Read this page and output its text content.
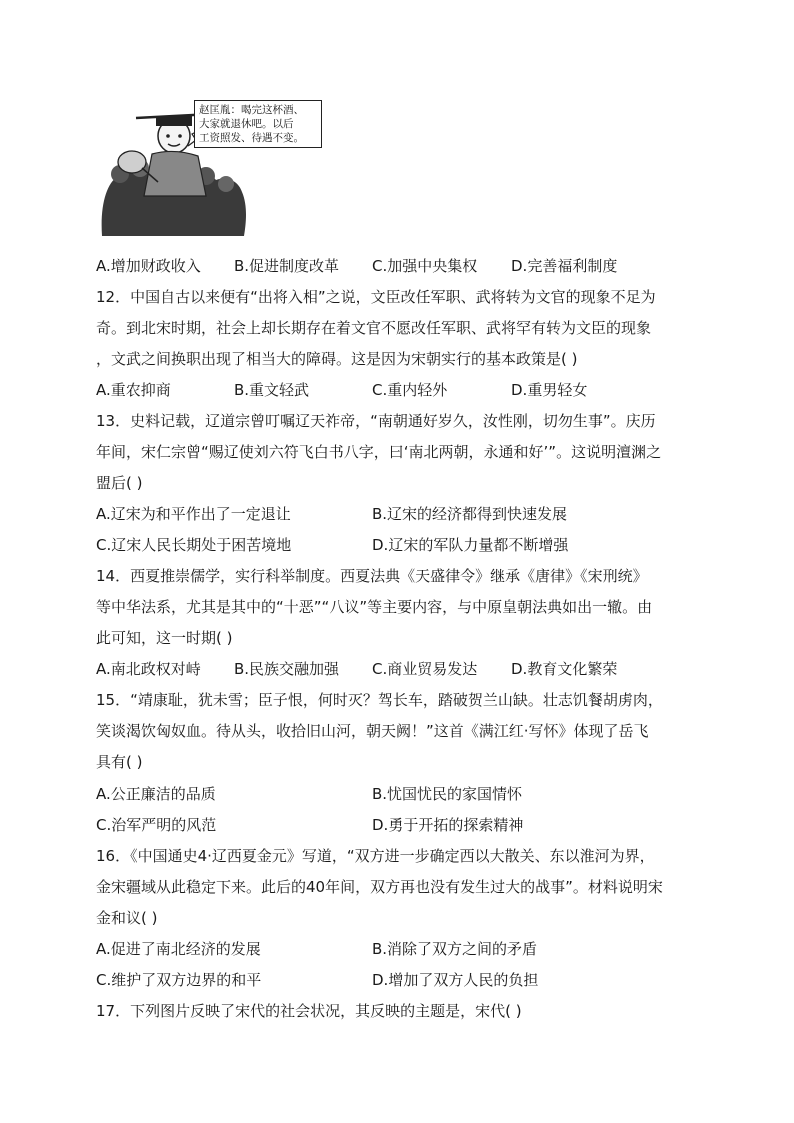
赵匡胤：喝完这杯酒、
大家就退休吧。以后
工资照发、待遇不变。
A.增加财政收入 B.促进制度改革 C.加强中央集权 D.完善福利制度
12．中国自古以来便有“出将入相”之说，文臣改任军职、武将转为文官的现象不足为
奇。到北宋时期，社会上却长期存在着文官不愿改任军职、武将罕有转为文臣的现象
，文武之间换职出现了相当大的障碍。这是因为宋朝实行的基本政策是( )
A.重农抑商	B.重文轻武	C.重内轻外	D.重男轻女
13．史料记载，辽道宗曾叮嘱辽天祚帝，“南朝通好岁久，汝性刚，切勿生事”。庆历
年间，宋仁宗曾“赐辽使刘六符飞白书八字，曰‘南北两朝，永通和好’”。这说明澶渊之
盟后( )
A.辽宋为和平作出了一定退让	B.辽宋的经济都得到快速发展
C.辽宋人民长期处于困苦境地	D.辽宋的军队力量都不断增强
14．西夏推崇儒学，实行科举制度。西夏法典《天盛律令》继承《唐律》《宋刑统》
等中华法系，尤其是其中的“十恶”“八议”等主要内容，与中原皇朝法典如出一辙。由
此可知，这一时期( )
A.南北政权对峙 B.民族交融加强 C.商业贸易发达 D.教育文化繁荣
15．“靖康耻，犹未雪；臣子恨，何时灭？驾长车，踏破贺兰山缺。壮志饥餐胡虏肉，
笑谈渴饮匈奴血。待从头，收拾旧山河，朝天阙！”这首《满江红·写怀》体现了岳飞
具有( )
A.公正廉洁的品质	B.忧国忧民的家国情怀
C.治军严明的风范	D.勇于开拓的探索精神
16．《中国通史4·辽西夏金元》写道，“双方进一步确定西以大散关、东以淮河为界，
金宋疆域从此稳定下来。此后的40年间，双方再也没有发生过大的战事”。材料说明宋
金和议( )
A.促进了南北经济的发展	B.消除了双方之间的矛盾
C.维护了双方边界的和平	D.增加了双方人民的负担
17．下列图片反映了宋代的社会状况，其反映的主题是，宋代( )
